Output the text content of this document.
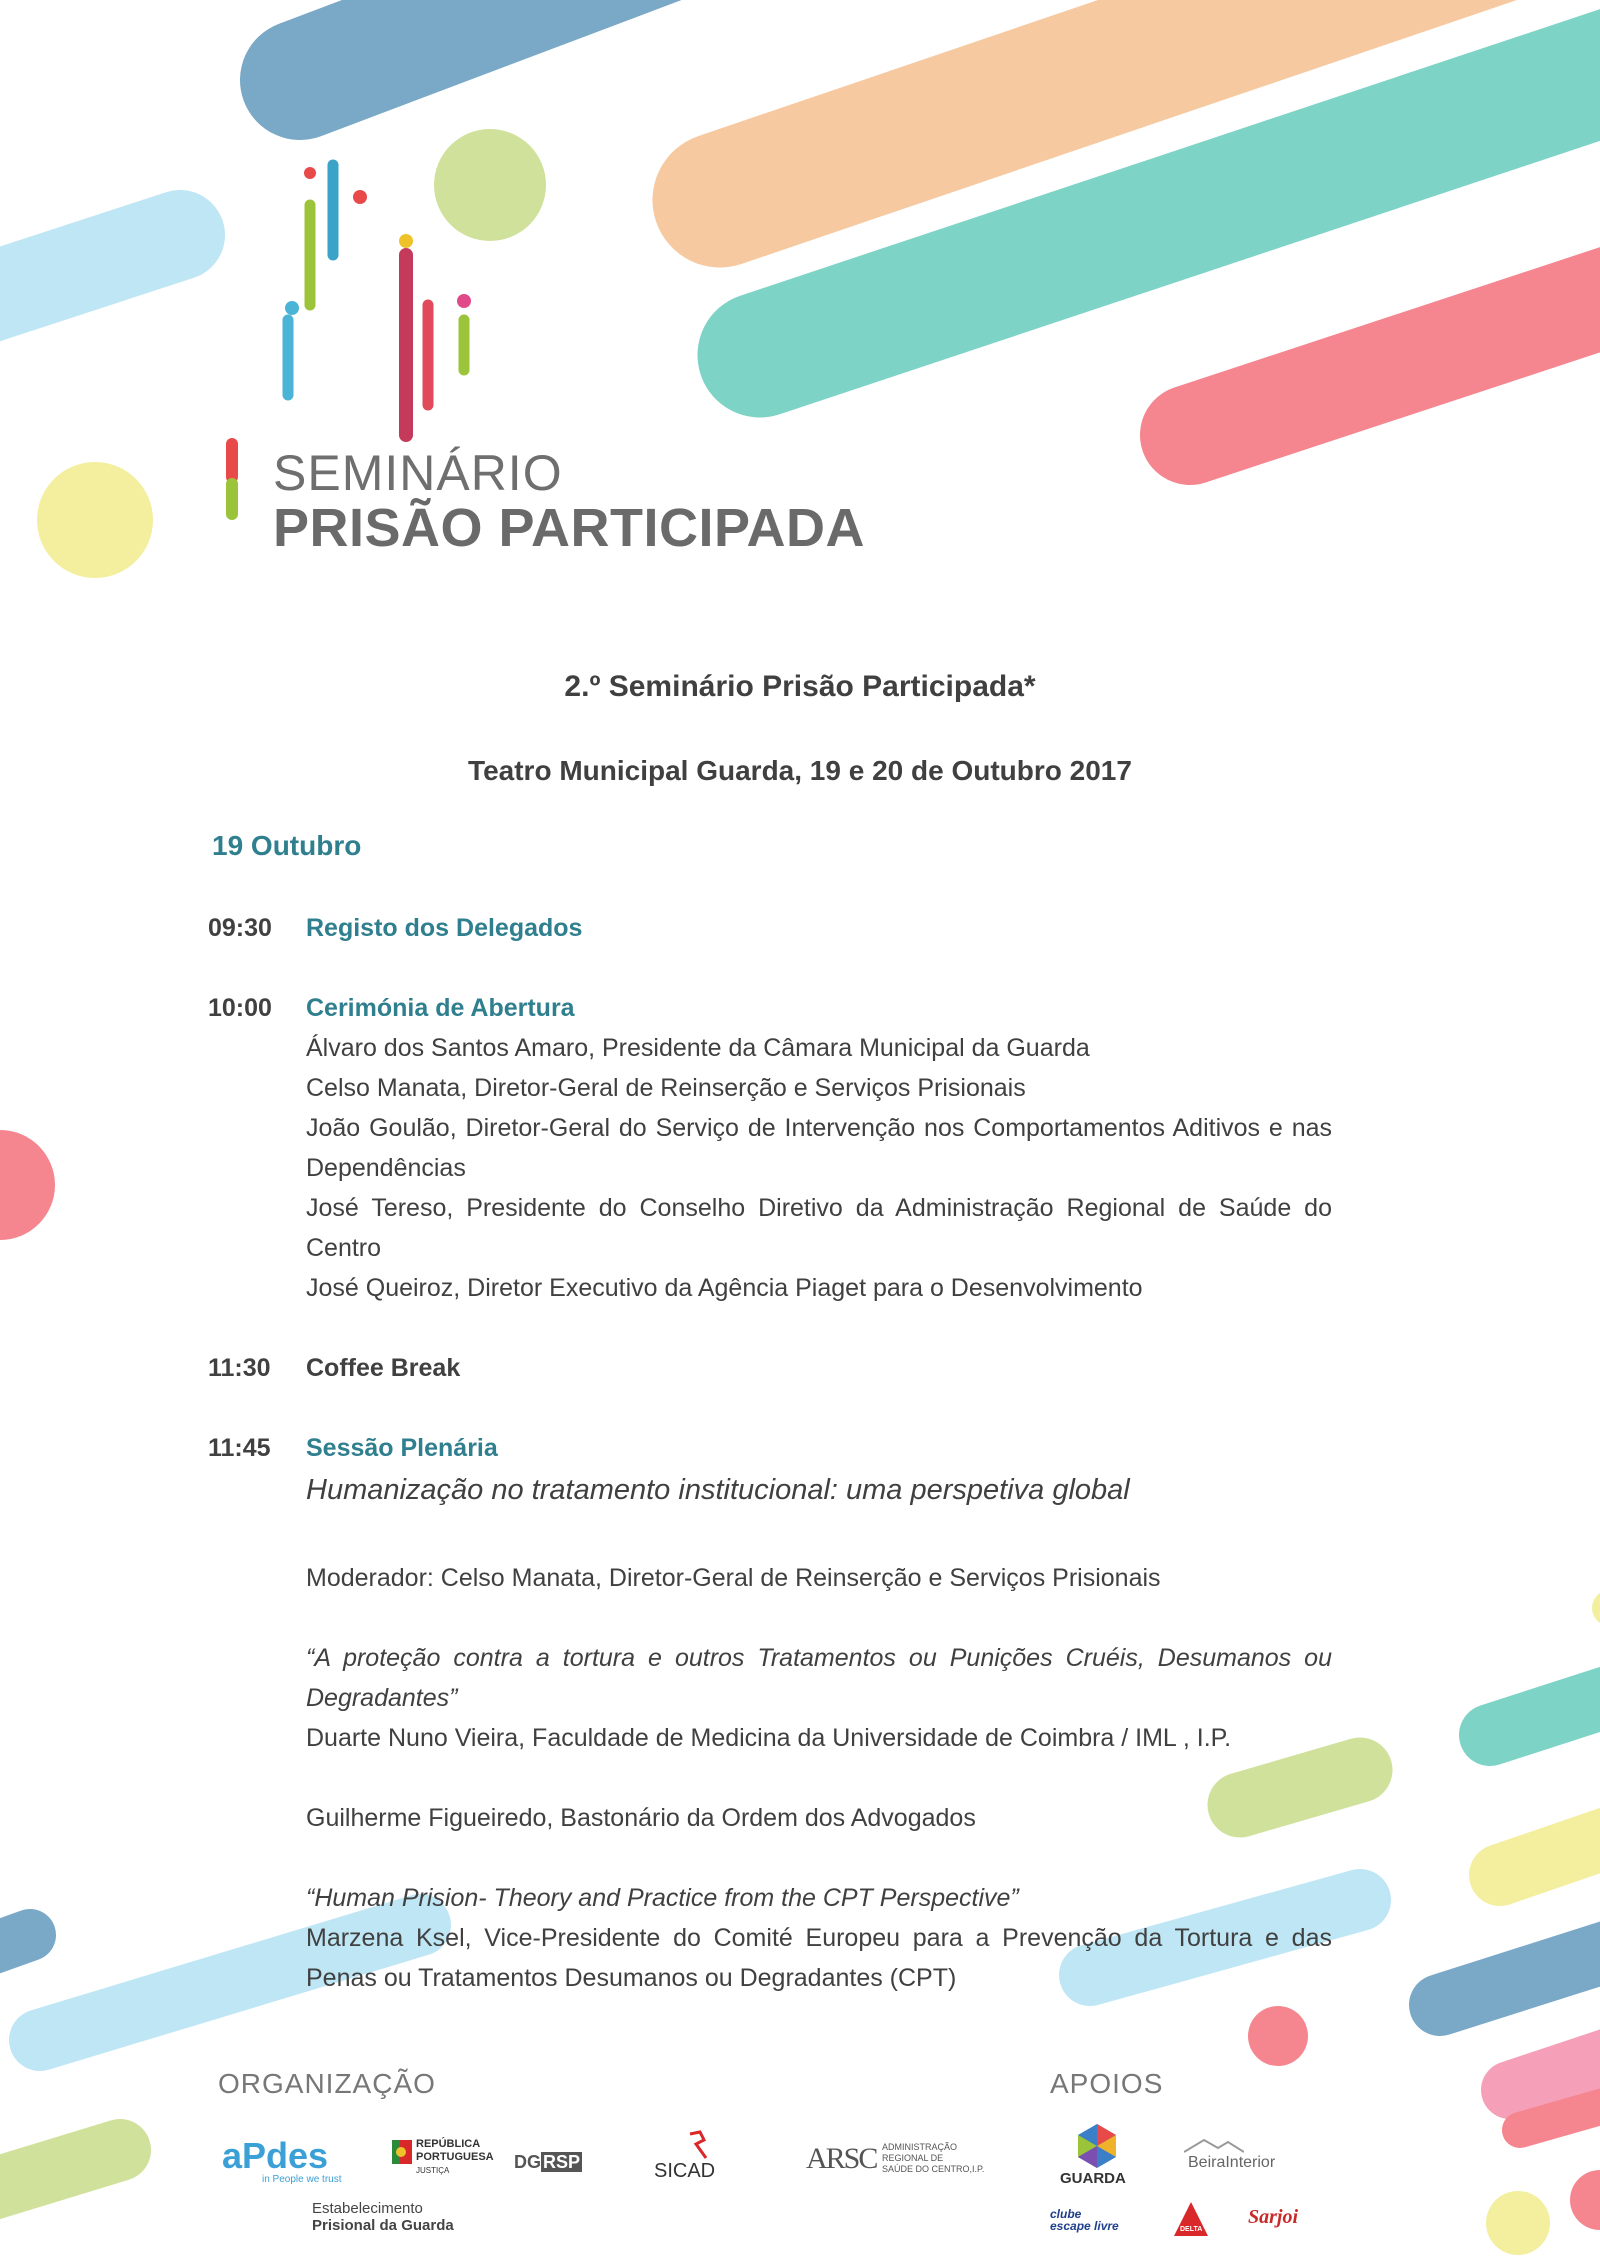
SEMINÁRIO
PRISÃO PARTICIPADA
2.º Seminário Prisão Participada*
Teatro Municipal Guarda, 19 e 20 de Outubro 2017
19 Outubro
09:30 Registo dos Delegados
10:00 Cerimónia de Abertura
Álvaro dos Santos Amaro, Presidente da Câmara Municipal da Guarda
Celso Manata, Diretor-Geral de Reinserção e Serviços Prisionais
João Goulão, Diretor-Geral do Serviço de Intervenção nos Comportamentos Aditivos e nas Dependências
José Tereso, Presidente do Conselho Diretivo da Administração Regional de Saúde do Centro
José Queiroz, Diretor Executivo da Agência Piaget para o Desenvolvimento
11:30 Coffee Break
11:45 Sessão Plenária
Humanização no tratamento institucional: uma perspetiva global
Moderador: Celso Manata, Diretor-Geral de Reinserção e Serviços Prisionais
“A proteção contra a tortura e outros Tratamentos ou Punições Cruéis, Desumanos ou Degradantes”
Duarte Nuno Vieira, Faculdade de Medicina da Universidade de Coimbra / IML , I.P.
Guilherme Figueiredo, Bastonário da Ordem dos Advogados
“Human Prision- Theory and Practice from the CPT Perspective”
Marzena Ksel, Vice-Presidente do Comité Europeu para a Prevenção da Tortura e das Penas ou Tratamentos Desumanos ou Degradantes (CPT)
ORGANIZAÇÃO	APOIOS
aPdes
in People we trust
REPÚBLICA
PORTUGUESA
JUSTIÇA	DG RSP	SICAD	ARSC ADMINISTRAÇÃO
REGIONAL DE
SAÚDE DO CENTRO,I.P.
Estabelecimento
Prisional da Guarda
GUARDA
BeiraInterior
clube
escape livre	DELTA
Sarjoi
